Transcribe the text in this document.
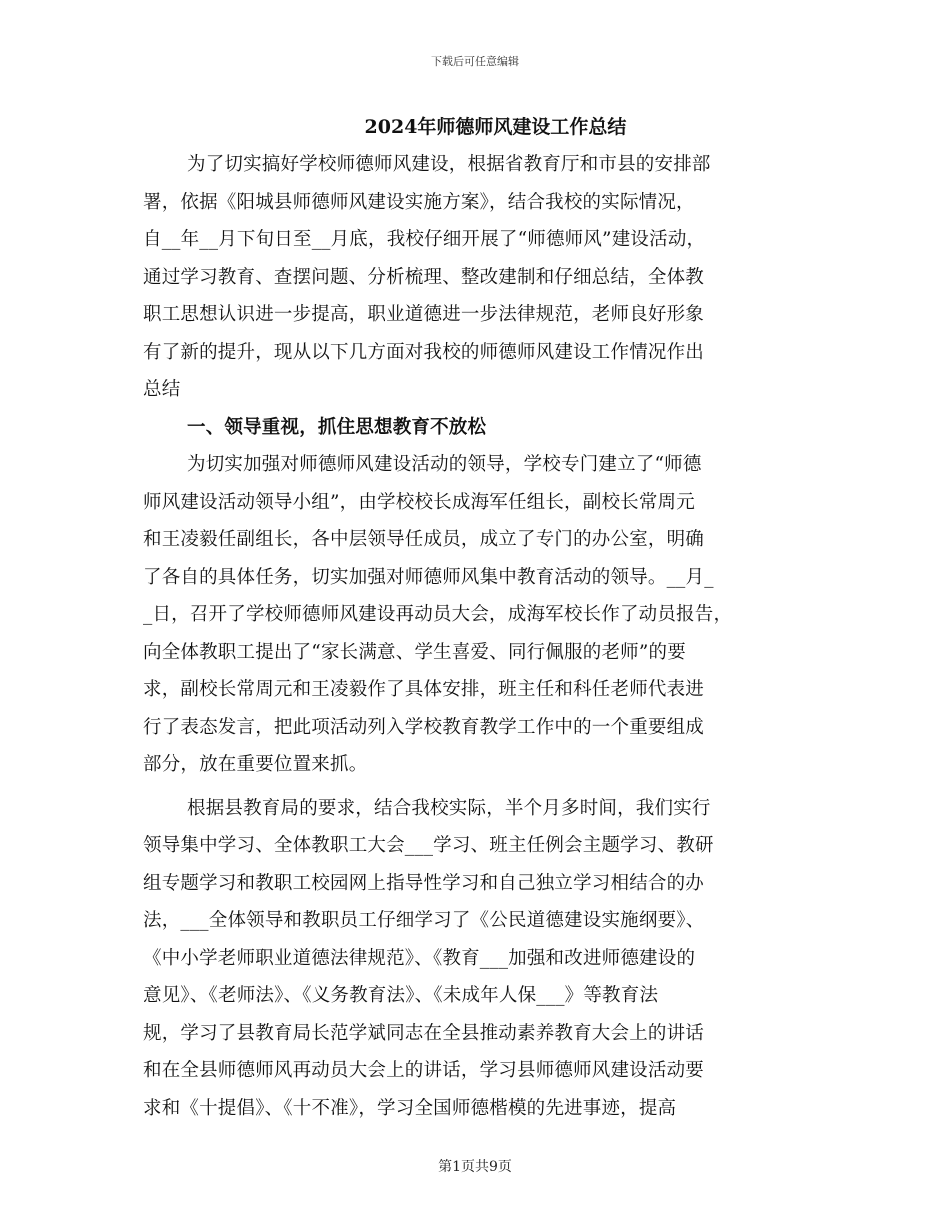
下载后可任意编辑
2024年师德师风建设工作总结
为了切实搞好学校师德师风建设，根据省教育厅和市县的安排部
署，依据《阳城县师德师风建设实施方案》，结合我校的实际情况，
自__年__月下旬日至__月底，我校仔细开展了“师德师风”建设活动，
通过学习教育、查摆问题、分析梳理、整改建制和仔细总结，全体教
职工思想认识进一步提高，职业道德进一步法律规范，老师良好形象
有了新的提升，现从以下几方面对我校的师德师风建设工作情况作出
总结
一、领导重视，抓住思想教育不放松
为切实加强对师德师风建设活动的领导，学校专门建立了“师德
师风建设活动领导小组”，由学校校长成海军任组长，副校长常周元
和王凌毅任副组长，各中层领导任成员，成立了专门的办公室，明确
了各自的具体任务，切实加强对师德师风集中教育活动的领导。__月_
_日，召开了学校师德师风建设再动员大会，成海军校长作了动员报告，
向全体教职工提出了“家长满意、学生喜爱、同行佩服的老师”的要
求，副校长常周元和王凌毅作了具体安排，班主任和科任老师代表进
行了表态发言，把此项活动列入学校教育教学工作中的一个重要组成
部分，放在重要位置来抓。
根据县教育局的要求，结合我校实际，半个月多时间，我们实行
领导集中学习、全体教职工大会___学习、班主任例会主题学习、教研
组专题学习和教职工校园网上指导性学习和自己独立学习相结合的办
法，___全体领导和教职员工仔细学习了《公民道德建设实施纲要》、
《中小学老师职业道德法律规范》、《教育___加强和改进师德建设的
意见》、《老师法》、《义务教育法》、《未成年人保___》等教育法
规，学习了县教育局长范学斌同志在全县推动素养教育大会上的讲话
和在全县师德师风再动员大会上的讲话，学习县师德师风建设活动要
求和《十提倡》、《十不准》，学习全国师德楷模的先进事迹，提高
第1页共9页
